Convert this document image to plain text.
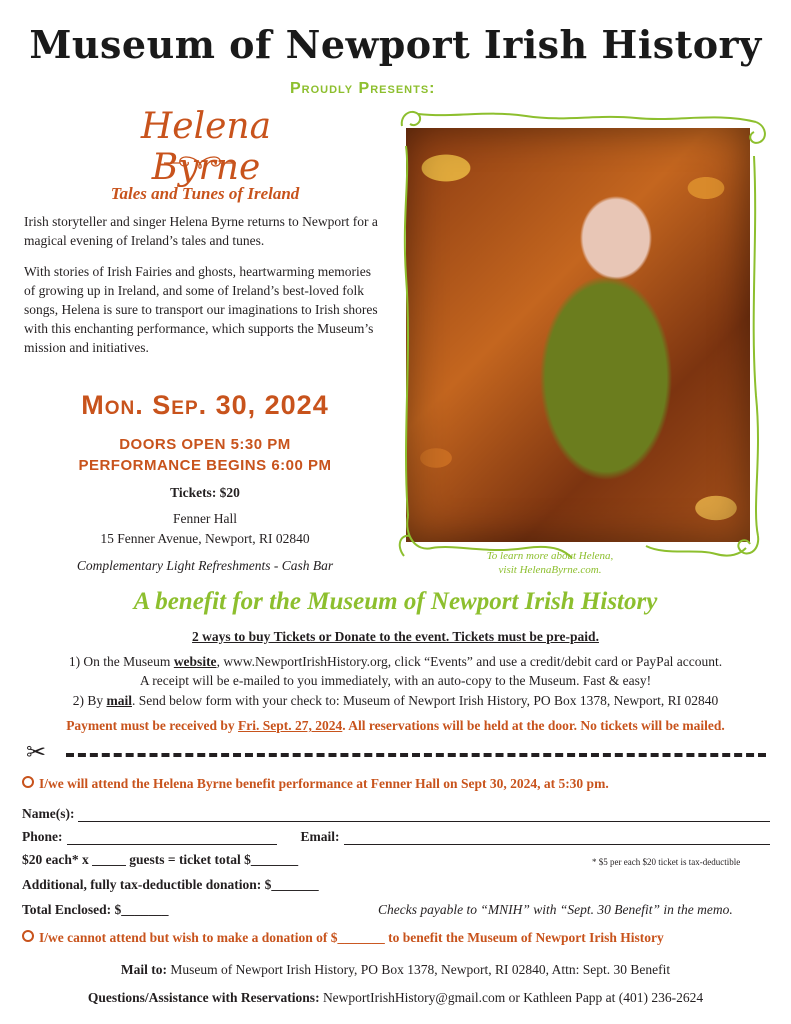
Museum of Newport Irish History
Proudly Presents:
Helena Byrne
Tales and Tunes of Ireland
Irish storyteller and singer Helena Byrne returns to Newport for a magical evening of Ireland’s tales and tunes.
With stories of Irish Fairies and ghosts, heartwarming memories of growing up in Ireland, and some of Ireland’s best-loved folk songs, Helena is sure to transport our imaginations to Irish shores with this enchanting performance, which supports the Museum’s mission and initiatives.
Mon. Sep. 30, 2024
DOORS OPEN 5:30 PM
PERFORMANCE BEGINS 6:00 PM
Tickets: $20
Fenner Hall
15 Fenner Avenue, Newport, RI 02840
Complementary Light Refreshments - Cash Bar
To learn more about Helena,
visit HelenaByrne.com.
A benefit for the Museum of Newport Irish History
2 ways to buy Tickets or Donate to the event. Tickets must be pre-paid.
1) On the Museum website, www.NewportIrishHistory.org, click “Events” and use a credit/debit card or PayPal account.
A receipt will be e-mailed to you immediately, with an auto-copy to the Museum. Fast & easy!
2) By mail. Send below form with your check to: Museum of Newport Irish History, PO Box 1378, Newport, RI 02840
Payment must be received by Fri. Sept. 27, 2024. All reservations will be held at the door. No tickets will be mailed.
✂
I/we will attend the Helena Byrne benefit performance at Fenner Hall on Sept 30, 2024, at 5:30 pm.
Name(s):
Phone:	Email:
$20 each* x _____ guests = ticket total $_______	* $5 per each $20 ticket is tax-deductible
Additional, fully tax-deductible donation: $_______
Total Enclosed: $_______	Checks payable to “MNIH” with “Sept. 30 Benefit” in the memo.
I/we cannot attend but wish to make a donation of $_______ to benefit the Museum of Newport Irish History
Mail to: Museum of Newport Irish History, PO Box 1378, Newport, RI 02840, Attn: Sept. 30 Benefit
Questions/Assistance with Reservations: NewportIrishHistory@gmail.com or Kathleen Papp at (401) 236-2624
